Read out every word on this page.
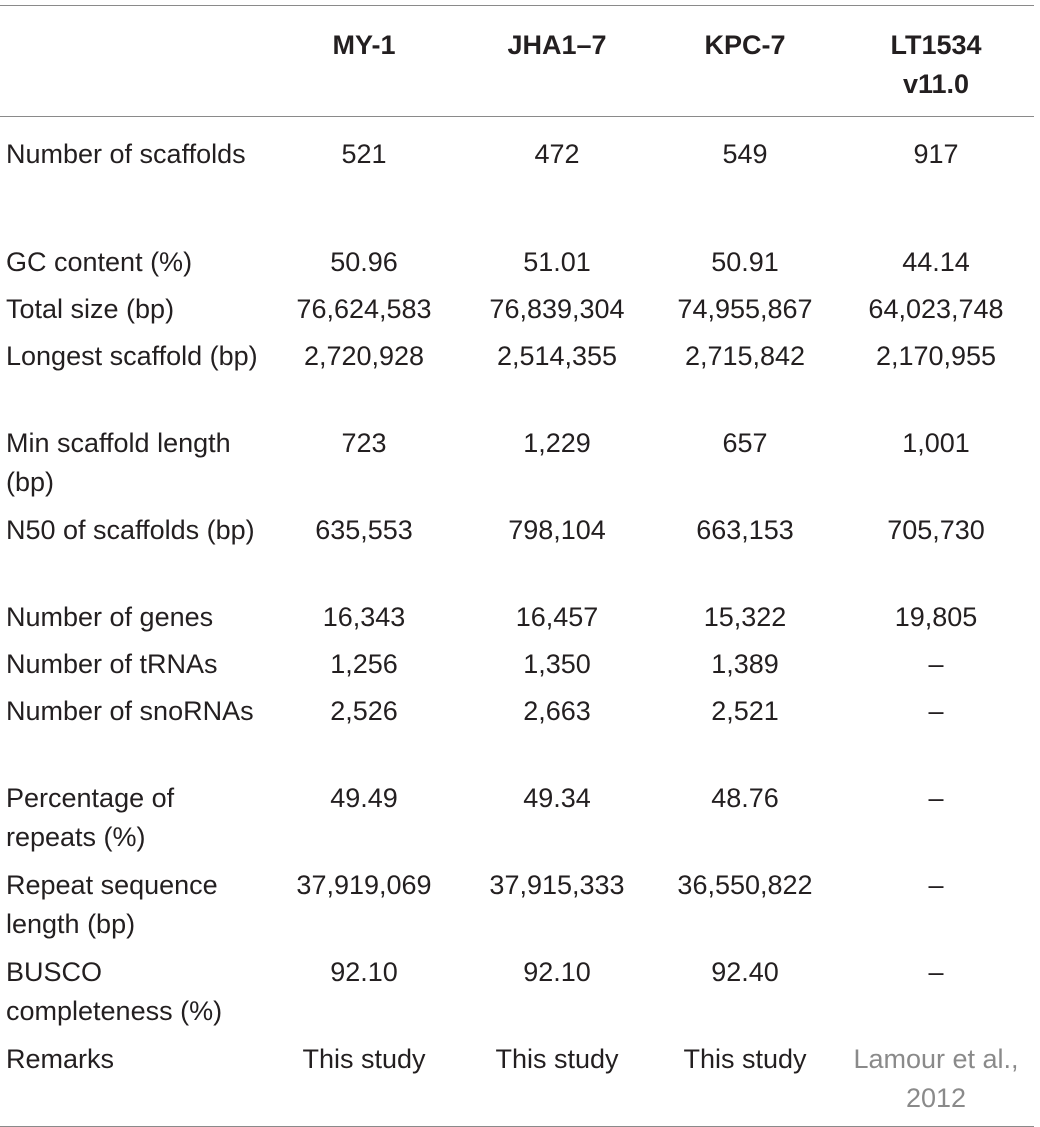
	MY-1	JHA1–7	KPC-7	LT1534
v11.0
Number of scaffolds	521	472	549	917
GC content (%)	50.96	51.01	50.91	44.14
Total size (bp)	76,624,583	76,839,304	74,955,867	64,023,748
Longest scaffold (bp)	2,720,928	2,514,355	2,715,842	2,170,955
Min scaffold length (bp)	723	1,229	657	1,001
N50 of scaffolds (bp)	635,553	798,104	663,153	705,730
Number of genes	16,343	16,457	15,322	19,805
Number of tRNAs	1,256	1,350	1,389	–
Number of snoRNAs	2,526	2,663	2,521	–
Percentage of repeats (%)	49.49	49.34	48.76	–
Repeat sequence length (bp)	37,919,069	37,915,333	36,550,822	–
BUSCO completeness (%)	92.10	92.10	92.40	–
Remarks	This study	This study	This study	Lamour et al., 2012
